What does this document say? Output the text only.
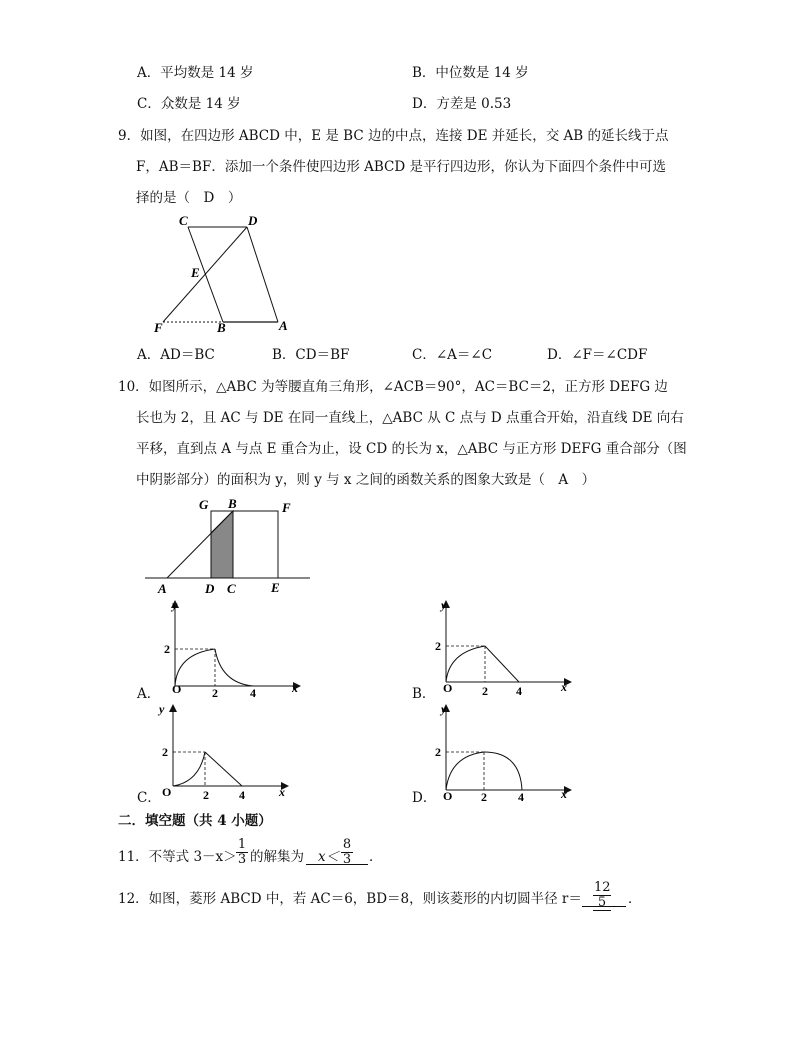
A．平均数是 14 岁	B．中位数是 14 岁
C．众数是 14 岁	D．方差是 0.53
9．如图，在四边形 ABCD 中，E 是 BC 边的中点，连接 DE 并延长，交 AB 的延长线于点
F，AB＝BF．添加一个条件使四边形 ABCD 是平行四边形，你认为下面四个条件中可选
择的是（　D　）
C	D
E
F	B	A
A．AD＝BC	B．CD＝BF	C．∠A＝∠C	D．∠F＝∠CDF
10．如图所示，△ABC 为等腰直角三角形，∠ACB＝90°，AC＝BC＝2，正方形 DEFG 边
长也为 2，且 AC 与 DE 在同一直线上，△ABC 从 C 点与 D 点重合开始，沿直线 DE 向右
平移，直到点 A 与点 E 重合为止，设 CD 的长为 x，△ABC 与正方形 DEFG 重合部分（图
中阴影部分）的面积为 y，则 y 与 x 之间的函数关系的图象大致是（　A　）
G B	F
A	D C	E
A．
y
x
O
2
2	4	B．
y
x
O
2
2 4
C．
y
x
O
2
2	4	D．
y
x
O
2
2	4
二．填空题（共 4 小题）
11．不等式 $3-x> \frac{1}{3}$ 的解集为 $x< \frac{8}{3}$ ．
12．如图，菱形 ABCD 中，若 AC＝6，BD＝8，则该菱形的内切圆半径 $r= \frac{12}{5}$ ．
